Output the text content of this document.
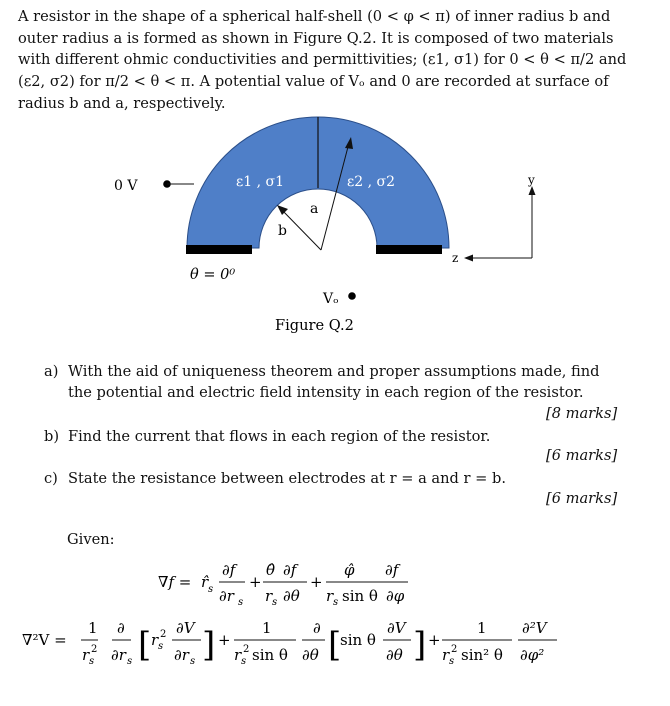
A resistor in the shape of a spherical half-shell (0 < φ < π) of inner radius b and
outer radius a is formed as shown in Figure Q.2. It is composed of two materials
with different ohmic conductivities and permittivities; (ε1, σ1) for 0 < θ < π/2 and
(ε2, σ2) for π/2 < θ < π. A potential value of Vₒ and 0 are recorded at surface of
radius b and a, respectively.
0 V	ε1 , σ1	ε2 , σ2
a
b
θ = 0⁰
Vₒ
y
z
Figure Q.2
∇f = r̂ s
∂f
∂r s
+
θ̂ ∂f
r s ∂θ
+
φ̂ ∂f
r s sin θ ∂φ
∇²V =
1 ∂
r 2
s ∂r s [ r 2
s
∂V
∂r s ] +
1
r 2
s sin θ
∂
∂θ [
sin θ
∂V
∂θ ] +
1
r 2
s sin² θ
∂²V
∂φ²
a) With the aid of uniqueness theorem and proper assumptions made, find
the potential and electric field intensity in each region of the resistor.
[8 marks]
b) Find the current that flows in each region of the resistor.
[6 marks]
c) State the resistance between electrodes at r = a and r = b.
[6 marks]
Given:
